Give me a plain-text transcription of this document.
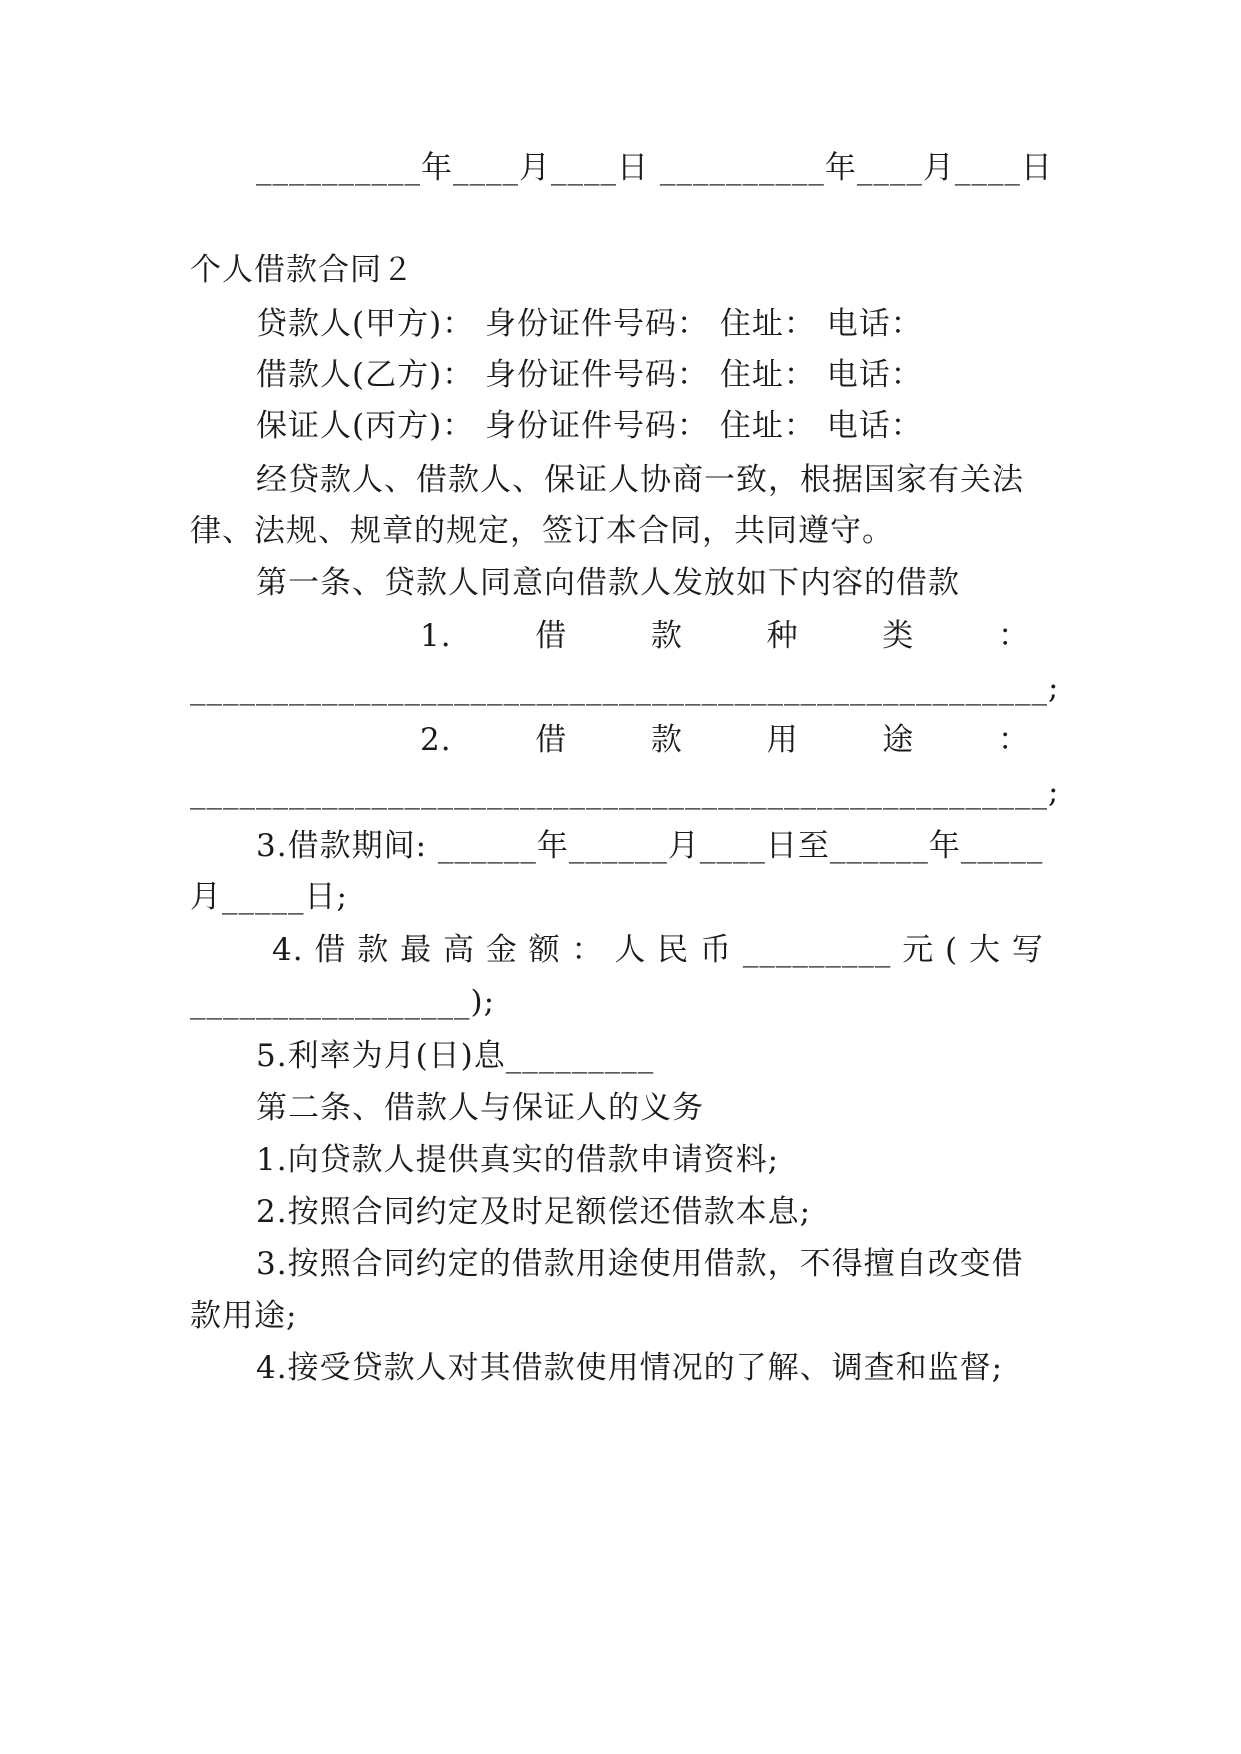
__________年____月____日 __________年____月____日
个人借款合同２
贷款人(甲方)： 身份证件号码： 住址： 电话：
借款人(乙方)： 身份证件号码： 住址： 电话：
保证人(丙方)： 身份证件号码： 住址： 电话：
经贷款人、借款人、保证人协商一致，根据国家有关法
律、法规、规章的规定，签订本合同，共同遵守。
第一条、贷款人同意向借款人发放如下内容的借款
1.	借	款	种	类	：
____________________________________________________;
2.	借	款	用	途	：
____________________________________________________;
3.借款期间: ______年______月____日至______年_____
月_____日;
4. 借 款 最 高 金 额 ： 人 民 币 _________ 元 ( 大 写
_________________);
5.利率为月(日)息_________
第二条、借款人与保证人的义务
1.向贷款人提供真实的借款申请资料;
2.按照合同约定及时足额偿还借款本息;
3.按照合同约定的借款用途使用借款，不得擅自改变借
款用途;
4.接受贷款人对其借款使用情况的了解、调查和监督;
